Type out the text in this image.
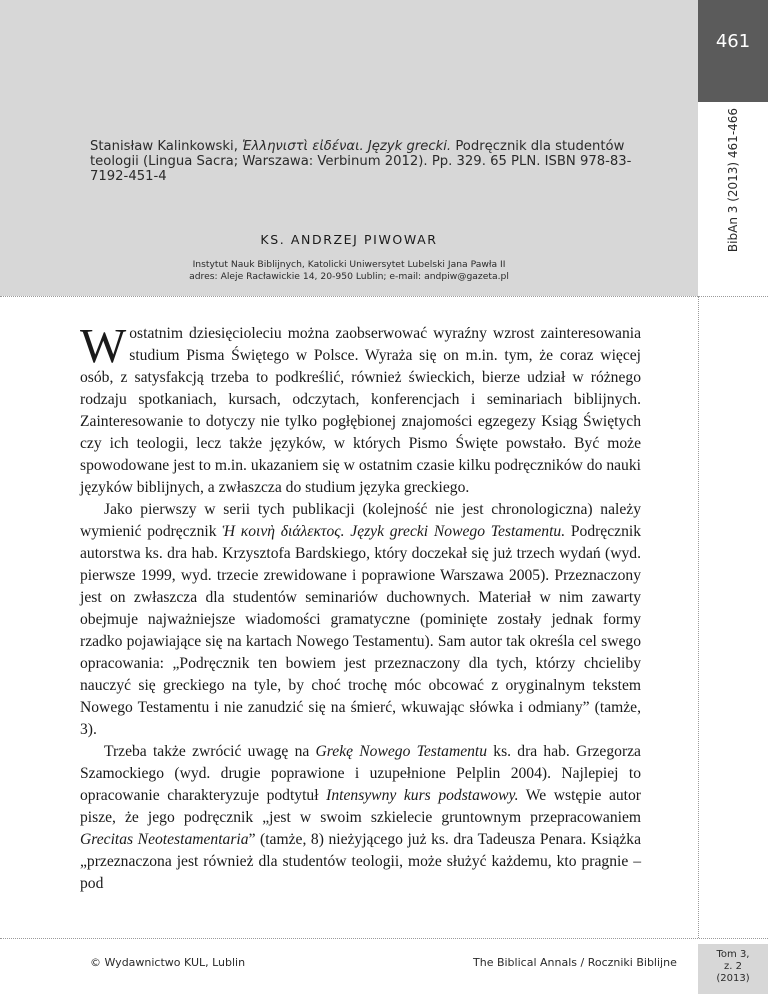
461
BibAn 3 (2013) 461-466
Stanisław Kalinkowski, Ἑλληνιστὶ εἰδέναι. Język grecki. Podręcznik dla studentów teologii (Lingua Sacra; Warszawa: Verbinum 2012). Pp. 329. 65 PLN. ISBN 978-83-7192-451-4
KS. ANDRZEJ PIWOWAR
Instytut Nauk Biblijnych, Katolicki Uniwersytet Lubelski Jana Pawła II
adres: Aleje Racławickie 14, 20-950 Lublin; e-mail: andpiw@gazeta.pl

W ostatnim dziesięcioleciu można zaobserwować wyraźny wzrost zainteresowania studium Pisma Świętego w Polsce. Wyraża się on m.in. tym, że coraz więcej osób, z satysfakcją trzeba to podkreślić, również świeckich, bierze udział w różnego rodzaju spotkaniach, kursach, odczytach, konferencjach i seminariach biblijnych. Zainteresowanie to dotyczy nie tylko pogłębionej znajomości egzegezy Ksiąg Świętych czy ich teologii, lecz także języków, w których Pismo Święte powstało. Być może spowodowane jest to m.in. ukazaniem się w ostatnim czasie kilku podręczników do nauki języków biblijnych, a zwłaszcza do studium języka greckiego.

Jako pierwszy w serii tych publikacji (kolejność nie jest chronologiczna) należy wymienić podręcznik Ἡ κοινὴ διάλεκτος. Język grecki Nowego Testamentu. Podręcznik autorstwa ks. dra hab. Krzysztofa Bardskiego, który doczekał się już trzech wydań (wyd. pierwsze 1999, wyd. trzecie zrewidowane i poprawione Warszawa 2005). Przeznaczony jest on zwłaszcza dla studentów seminariów duchownych. Materiał w nim zawarty obejmuje najważniejsze wiadomości gramatyczne (pominięte zostały jednak formy rzadko pojawiające się na kartach Nowego Testamentu). Sam autor tak określa cel swego opracowania: „Podręcznik ten bowiem jest przeznaczony dla tych, którzy chcieliby nauczyć się greckiego na tyle, by choć trochę móc obcować z oryginalnym tekstem Nowego Testamentu i nie zanudzić się na śmierć, wkuwając słówka i odmiany” (tamże, 3).

Trzeba także zwrócić uwagę na Grekę Nowego Testamentu ks. dra hab. Grzegorza Szamockiego (wyd. drugie poprawione i uzupełnione Pelplin 2004). Najlepiej to opracowanie charakteryzuje podtytuł Intensywny kurs podstawowy. We wstępie autor pisze, że jego podręcznik „jest w swoim szkielecie gruntownym przepracowaniem Grecitas Neotestamentaria” (tamże, 8) nieżyjącego już ks. dra Tadeusza Penara. Książka „przeznaczona jest również dla studentów teologii, może służyć każdemu, kto pragnie – pod

© Wydawnictwo KUL, Lublin	The Biblical Annals / Roczniki Biblijne
Tom 3,
z. 2
(2013)
